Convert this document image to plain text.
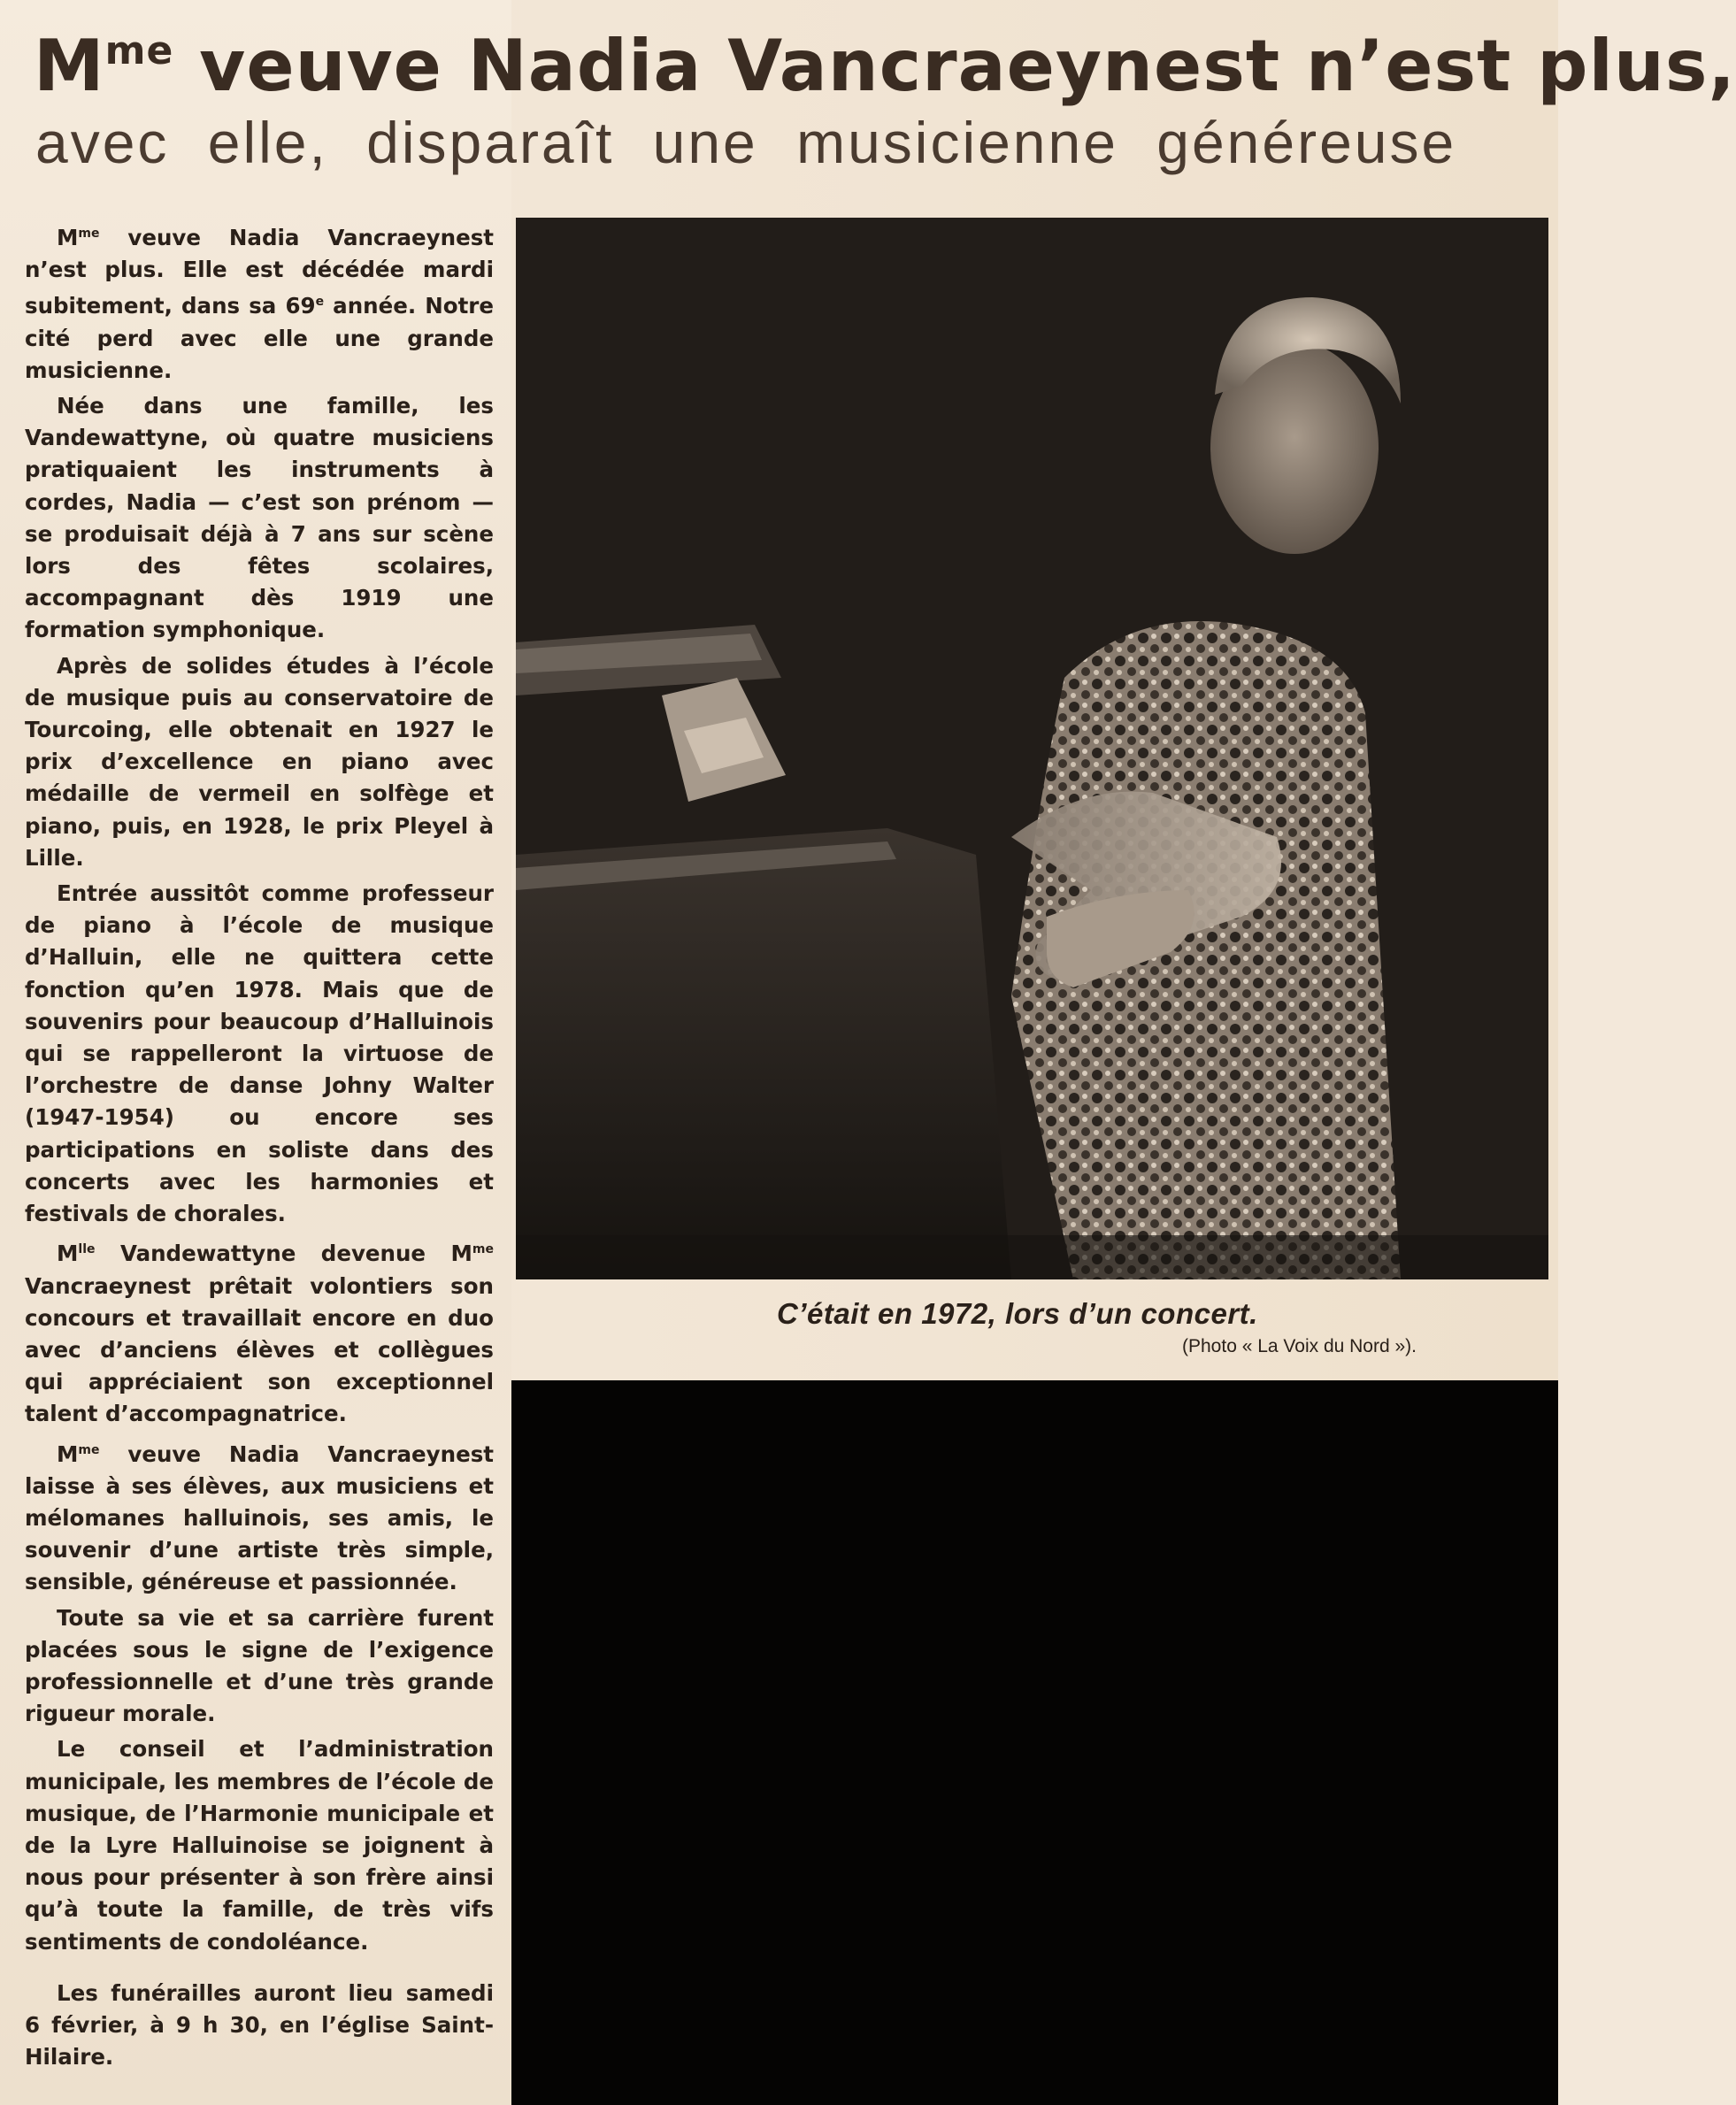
$M^{me}$ veuve Nadia Vancraeynest n’est plus,
avec elle, disparaît une musicienne généreuse

$M^{me}$ veuve Nadia Vancraeynest n’est plus. Elle est décédée mardi subitement, dans sa 69e année. Notre cité perd avec elle une grande musicienne.

Née dans une famille, les Vandewattyne, où quatre musiciens pratiquaient les instruments à cordes, Nadia — c’est son prénom — se produisait déjà à 7 ans sur scène lors des fêtes scolaires, accompagnant dès 1919 une formation symphonique.

Après de solides études à l’école de musique puis au conservatoire de Tourcoing, elle obtenait en 1927 le prix d’excellence en piano avec médaille de vermeil en solfège et piano, puis, en 1928, le prix Pleyel à Lille.

Entrée aussitôt comme professeur de piano à l’école de musique d’Halluin, elle ne quittera cette fonction qu’en 1978. Mais que de souvenirs pour beaucoup d’Halluinois qui se rappelleront la virtuose de l’orchestre de danse Johny Walter (1947-1954) ou encore ses participations en soliste dans des concerts avec les harmonies et festivals de chorales.

$M^{lle}$ Vandewattyne devenue $M^{me}$ Vancraeynest prêtait volontiers son concours et travaillait encore en duo avec d’anciens élèves et collègues qui appréciaient son exceptionnel talent d’accompagnatrice.

$M^{me}$ veuve Nadia Vancraeynest laisse à ses élèves, aux musiciens et mélomanes halluinois, ses amis, le souvenir d’une artiste très simple, sensible, généreuse et passionnée.

Toute sa vie et sa carrière furent placées sous le signe de l’exigence professionnelle et d’une très grande rigueur morale.

Le conseil et l’administration municipale, les membres de l’école de musique, de l’Harmonie municipale et de la Lyre Halluinoise se joignent à nous pour présenter à son frère ainsi qu’à toute la famille, de très vifs sentiments de condoléance.

Les funérailles auront lieu samedi 6 février, à 9 h 30, en l’église Saint-Hilaire.

C’était en 1972, lors d’un concert.
(Photo « La Voix du Nord »).
